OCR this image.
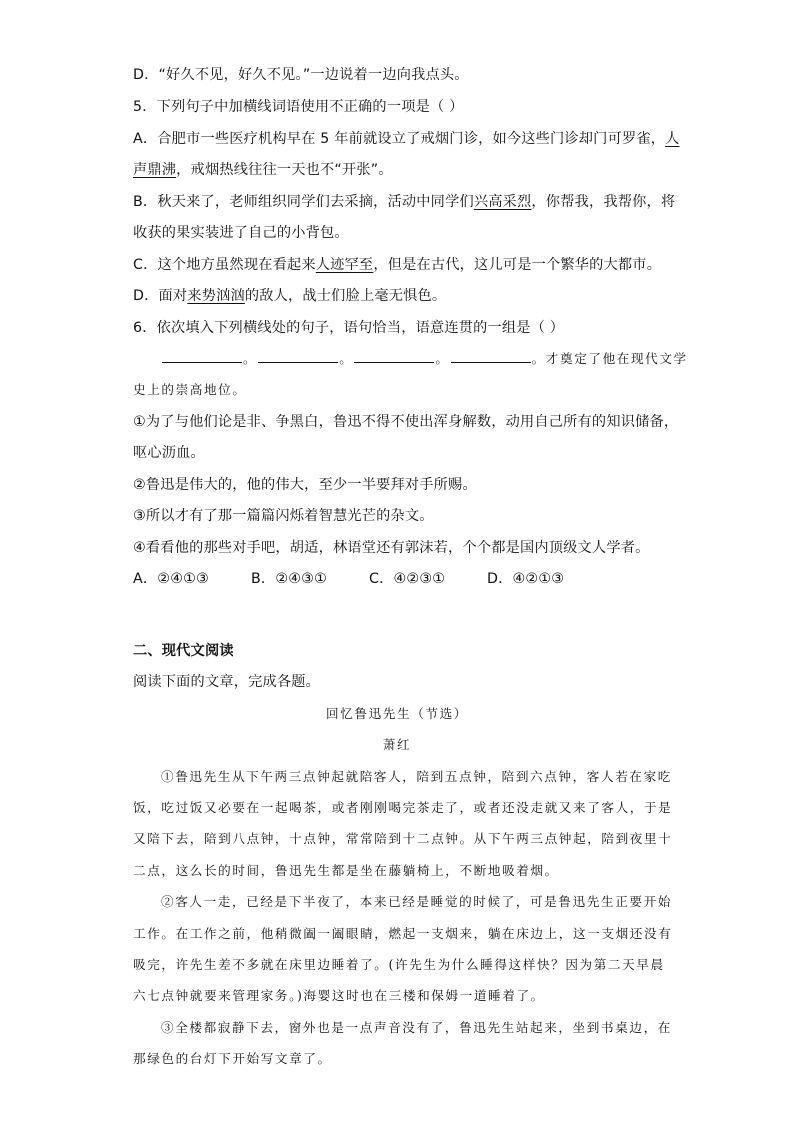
D．“好久不见，好久不见。”一边说着一边向我点头。
5．下列句子中加横线词语使用不正确的一项是（ ）
A．合肥市一些医疗机构早在 5 年前就设立了戒烟门诊，如今这些门诊却门可罗雀，人
声鼎沸，戒烟热线往往一天也不“开张”。
B．秋天来了，老师组织同学们去采摘，活动中同学们兴高采烈，你帮我，我帮你，将
收获的果实装进了自己的小背包。
C．这个地方虽然现在看起来人迹罕至，但是在古代，这儿可是一个繁华的大都市。
D．面对来势汹汹的敌人，战士们脸上毫无惧色。
6．依次填入下列横线处的句子，语句恰当，语意连贯的一组是（ ）
。	。	。	。才奠定了他在现代文学
史上的崇高地位。
①为了与他们论是非、争黑白，鲁迅不得不使出浑身解数，动用自己所有的知识储备，
呕心沥血。
②鲁迅是伟大的，他的伟大，至少一半要拜对手所赐。
③所以才有了那一篇篇闪烁着智慧光芒的杂文。
④看看他的那些对手吧，胡适，林语堂还有郭沫若，个个都是国内顶级文人学者。
A．②④①③	B．②④③①	C．④②③①	D．④②①③
二、现代文阅读
阅读下面的文章，完成各题。
回忆鲁迅先生（节选）
萧红
①鲁迅先生从下午两三点钟起就陪客人，陪到五点钟，陪到六点钟，客人若在家吃
饭，吃过饭又必要在一起喝茶，或者刚刚喝完茶走了，或者还没走就又来了客人，于是
又陪下去，陪到八点钟，十点钟，常常陪到十二点钟。从下午两三点钟起，陪到夜里十
二点，这么长的时间，鲁迅先生都是坐在藤躺椅上，不断地吸着烟。
②客人一走，已经是下半夜了，本来已经是睡觉的时候了，可是鲁迅先生正要开始
工作。在工作之前，他稍微阖一阖眼睛，燃起一支烟来，躺在床边上，这一支烟还没有
吸完，许先生差不多就在床里边睡着了。(许先生为什么睡得这样快？因为第二天早晨
六七点钟就要来管理家务。)海婴这时也在三楼和保姆一道睡着了。
③全楼都寂静下去，窗外也是一点声音没有了，鲁迅先生站起来，坐到书桌边，在
那绿色的台灯下开始写文章了。
